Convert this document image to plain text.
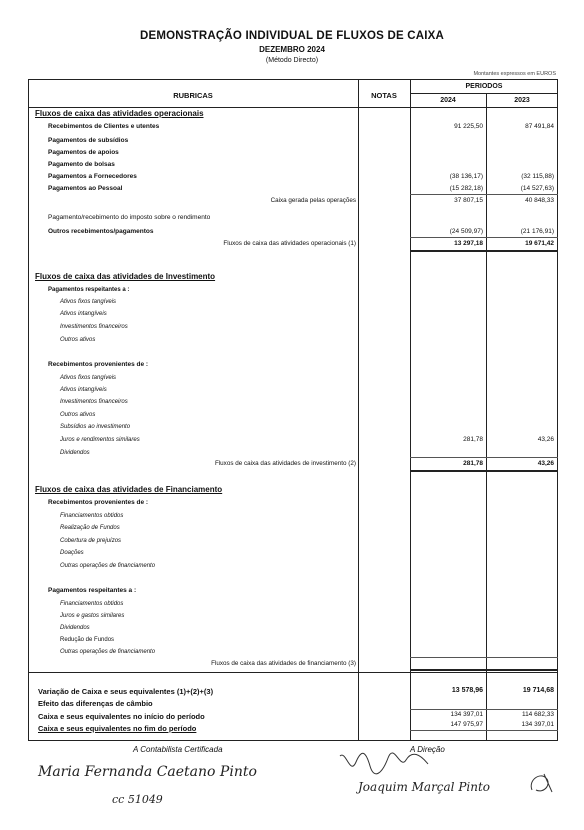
DEMONSTRAÇÃO INDIVIDUAL DE FLUXOS DE CAIXA
DEZEMBRO 2024
(Método Directo)
Montantes expressos em EUROS
RUBRICAS	NOTAS
PERIODOS
2024	2023
Fluxos de caixa das atividades operacionais
Recebimentos de Clientes e utentes	91 225,50	87 491,84
Pagamentos de subsídios
Pagamentos de apoios
Pagamento de bolsas
Pagamentos a Fornecedores	(38 136,17)	(32 115,88)
Pagamentos ao Pessoal	(15 282,18)	(14 527,63)
Caixa gerada pelas operações	37 807,15	40 848,33
Pagamento/recebimento do imposto sobre o rendimento
Outros recebimentos/pagamentos	(24 509,97)	(21 176,91)
Fluxos de caixa das atividades operacionais (1)	13 297,18	19 671,42
Fluxos de caixa das atividades de Investimento
Pagamentos respeitantes a :
Ativos fixos tangíveis
Ativos intangíveis
Investimentos financeiros
Outros ativos
Recebimentos provenientes de :
Ativos fixos tangíveis
Ativos intangíveis
Investimentos financeiros
Outros ativos
Subsídios ao investimento
Juros e rendimentos similares	281,78	43,26
Dividendos
Fluxos de caixa das atividades de investimento (2)	281,78	43,26
Fluxos de caixa das atividades de Financiamento
Recebimentos provenientes de :
Financiamentos obtidos
Realização de Fundos
Cobertura de prejuízos
Doações
Outras operações de financiamento
Pagamentos respeitantes a :
Financiamentos obtidos
Juros e gastos similares
Dividendos
Redução de Fundos
Outras operações de financiamento
Fluxos de caixa das atividades de financiamento (3)
Variação de Caixa e seus equivalentes (1)+(2)+(3)	13 578,96	19 714,68
Efeito das diferenças de câmbio
Caixa e seus equivalentes no início do período	134 397,01	114 682,33
Caixa e seus equivalentes no fim do período	147 975,97	134 397,01
A Contabilista Certificada
Maria Fernanda Caetano Pinto
cc 51049
A Direção
Joaquim Marçal Pinto
